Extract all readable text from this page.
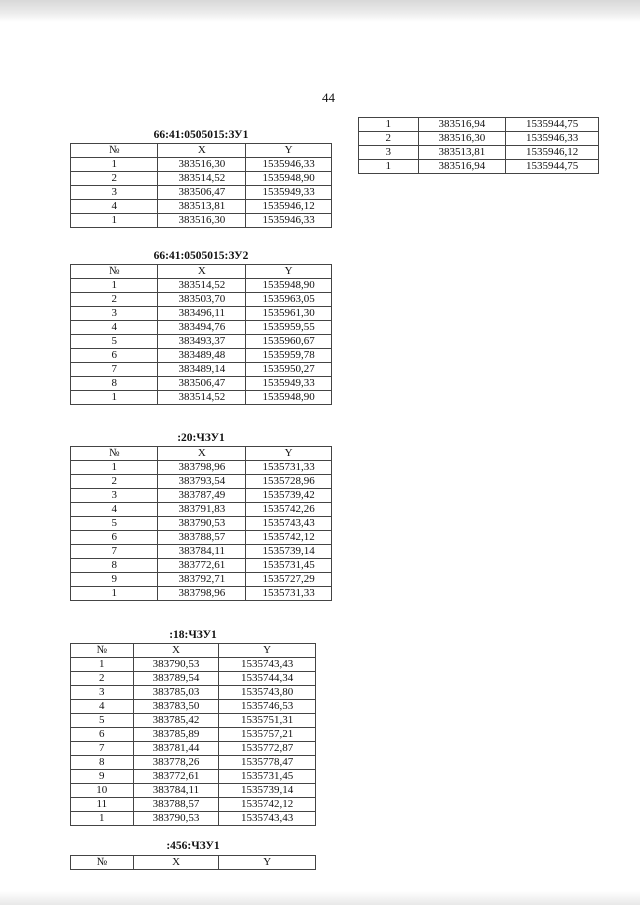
44
1	383516,94	1535944,75
2	383516,30	1535946,33
3	383513,81	1535946,12
1	383516,94	1535944,75
66:41:0505015:ЗУ1
№	X	Y
1	383516,30	1535946,33
2	383514,52	1535948,90
3	383506,47	1535949,33
4	383513,81	1535946,12
1	383516,30	1535946,33
66:41:0505015:ЗУ2
№	X	Y
1	383514,52	1535948,90
2	383503,70	1535963,05
3	383496,11	1535961,30
4	383494,76	1535959,55
5	383493,37	1535960,67
6	383489,48	1535959,78
7	383489,14	1535950,27
8	383506,47	1535949,33
1	383514,52	1535948,90
:20:ЧЗУ1
№	X	Y
1	383798,96	1535731,33
2	383793,54	1535728,96
3	383787,49	1535739,42
4	383791,83	1535742,26
5	383790,53	1535743,43
6	383788,57	1535742,12
7	383784,11	1535739,14
8	383772,61	1535731,45
9	383792,71	1535727,29
1	383798,96	1535731,33
:18:ЧЗУ1
№	X	Y
1	383790,53	1535743,43
2	383789,54	1535744,34
3	383785,03	1535743,80
4	383783,50	1535746,53
5	383785,42	1535751,31
6	383785,89	1535757,21
7	383781,44	1535772,87
8	383778,26	1535778,47
9	383772,61	1535731,45
10	383784,11	1535739,14
11	383788,57	1535742,12
1	383790,53	1535743,43
:456:ЧЗУ1
№	X	Y
